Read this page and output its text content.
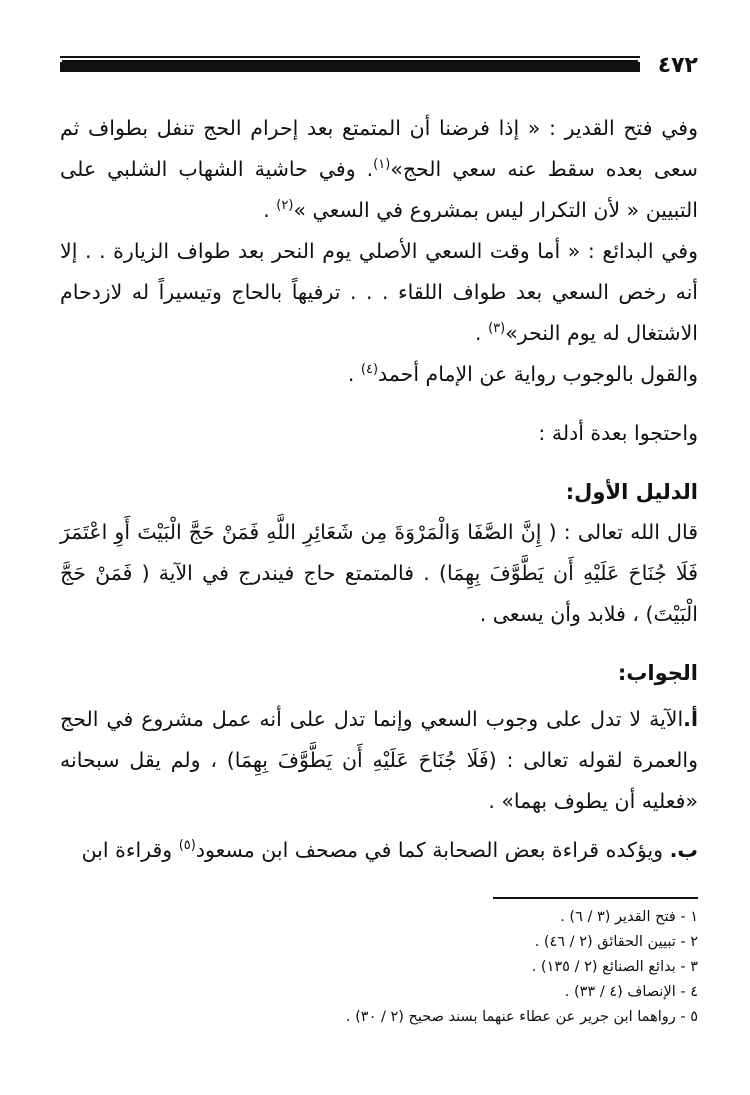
٤٧٢

وفي فتح القدير : « إذا فرضنا أن المتمتع بعد إحرام الحج تنفل بطواف ثم سعى بعده سقط عنه سعي الحج»$^{(١)}$. وفي حاشية الشهاب الشلبي على التبيين « لأن التكرار ليس بمشروع في السعي »$^{(٢)}$ .

وفي البدائع : « أما وقت السعي الأصلي يوم النحر بعد طواف الزيارة . . إلا أنه رخص السعي بعد طواف اللقاء . . . ترفيهاً بالحاج وتيسيراً له لازدحام الاشتغال له يوم النحر»$^{(٣)}$ .

والقول بالوجوب رواية عن الإمام أحمد$^{(٤)}$ .

واحتجوا بعدة أدلة :

الدليل الأول:

قال الله تعالى : ( إِنَّ الصَّفَا وَالْمَرْوَةَ مِن شَعَائِرِ اللَّهِ فَمَنْ حَجَّ الْبَيْتَ أَوِ اعْتَمَرَ فَلَا جُنَاحَ عَلَيْهِ أَن يَطَّوَّفَ بِهِمَا) . فالمتمتع حاج فيندرج في الآية ( فَمَنْ حَجَّ الْبَيْتَ) ، فلابد وأن يسعى .

الجواب:

أ.الآية لا تدل على وجوب السعي وإنما تدل على أنه عمل مشروع في الحج والعمرة لقوله تعالى : (فَلَا جُنَاحَ عَلَيْهِ أَن يَطَّوَّفَ بِهِمَا) ، ولم يقل سبحانه «فعليه أن يطوف بهما» .

ب. ويؤكده قراءة بعض الصحابة كما في مصحف ابن مسعود$^{(٥)}$ وقراءة ابن

١ - فتح القدير (٣ / ٦) .

٢ - تبيين الحقائق (٢ / ٤٦) .

٣ - بدائع الصنائع (٢ / ١٣٥) .

٤ - الإنصاف (٤ / ٣٣) .

٥ - رواهما ابن جرير عن عطاء عنهما بسند صحيح (٢ / ٣٠) .
